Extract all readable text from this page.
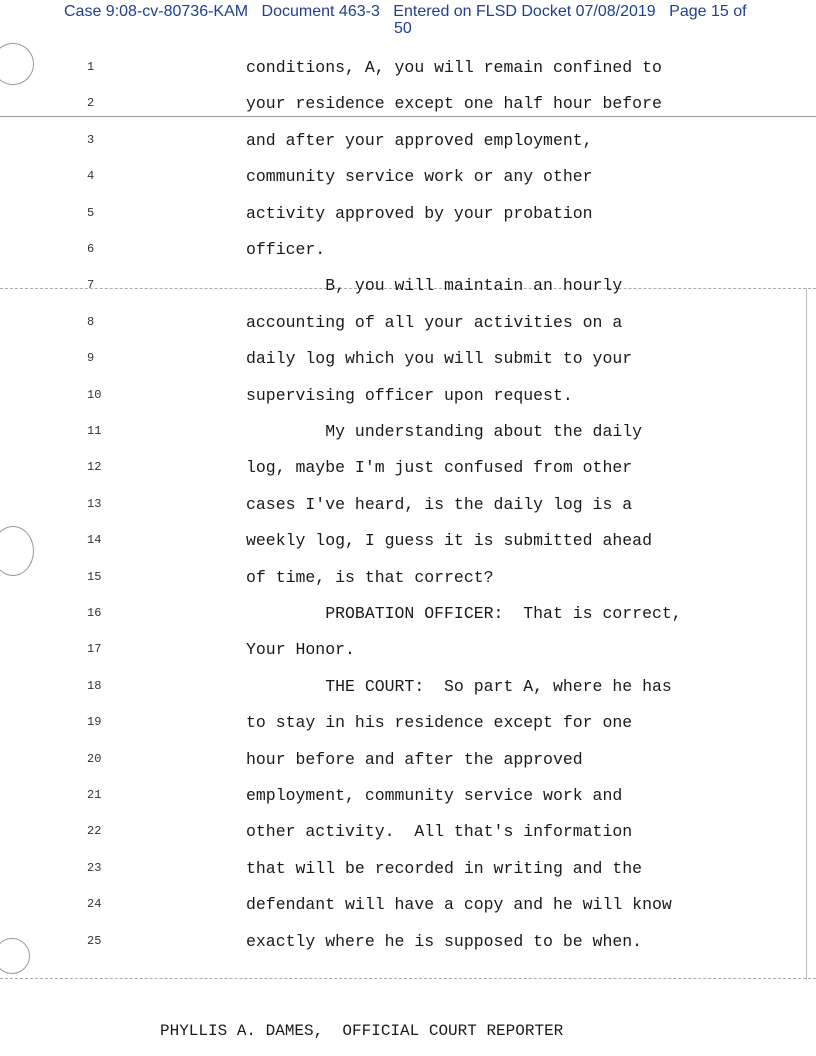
Case 9:08-cv-80736-KAM Document 463-3 Entered on FLSD Docket 07/08/2019 Page 15 of
50
1	conditions, A, you will remain confined to
2	your residence except one half hour before
3	and after your approved employment,
4	community service work or any other
5	activity approved by your probation
6	officer.
7	B, you will maintain an hourly
8	accounting of all your activities on a
9	daily log which you will submit to your
10	supervising officer upon request.
11	My understanding about the daily
12	log, maybe I'm just confused from other
13	cases I've heard, is the daily log is a
14	weekly log, I guess it is submitted ahead
15	of time, is that correct?
16	PROBATION OFFICER:  That is correct,
17	Your Honor.
18	THE COURT:  So part A, where he has
19	to stay in his residence except for one
20	hour before and after the approved
21	employment, community service work and
22	other activity.  All that's information
23	that will be recorded in writing and the
24	defendant will have a copy and he will know
25	exactly where he is supposed to be when.
PHYLLIS A. DAMES,  OFFICIAL COURT REPORTER
